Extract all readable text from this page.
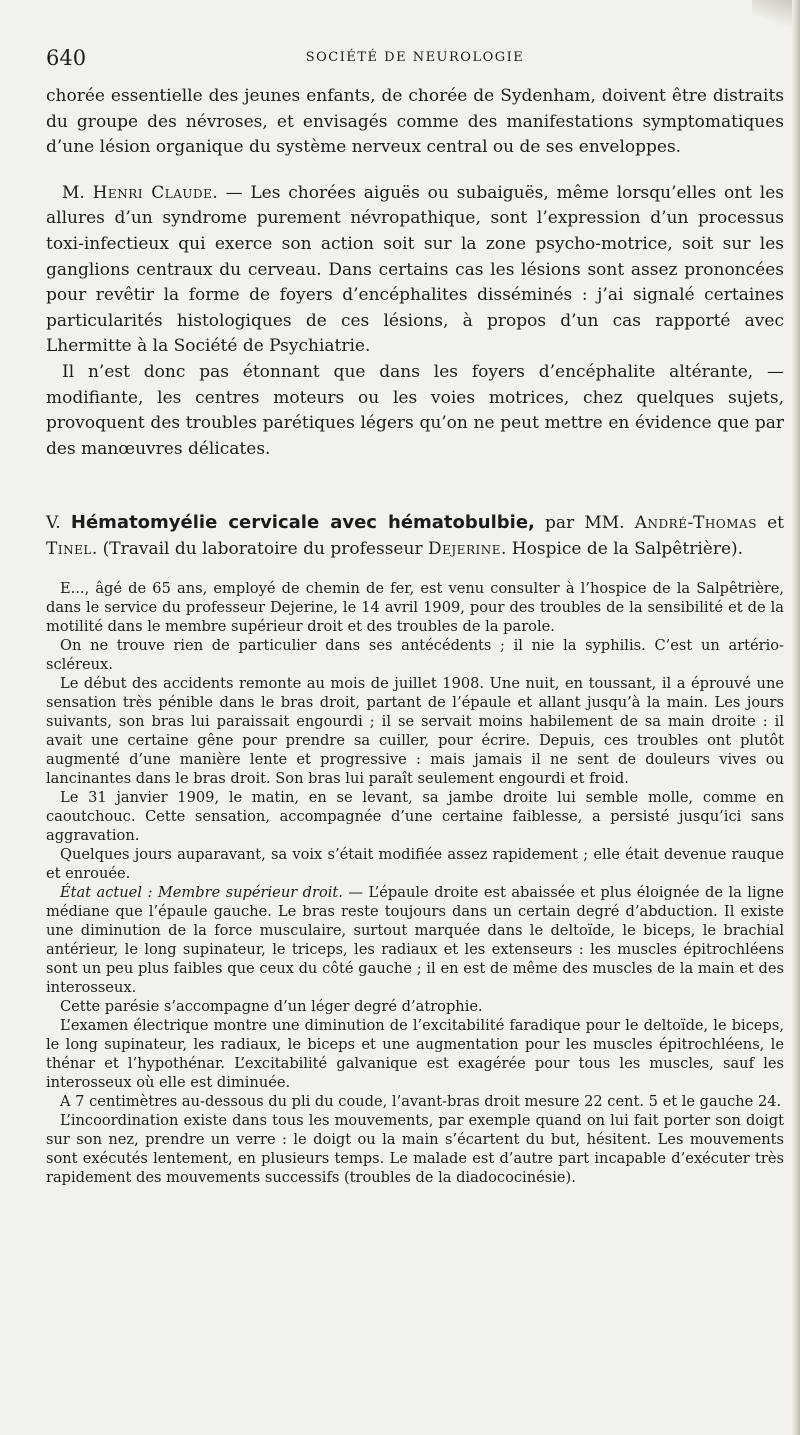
640	SOCIÉTÉ DE NEUROLOGIE

chorée essentielle des jeunes enfants, de chorée de Sydenham, doivent être distraits du groupe des névroses, et envisagés comme des manifestations symptomatiques d’une lésion organique du système nerveux central ou de ses enveloppes.

M. Henri Claude. — Les chorées aiguës ou subaiguës, même lorsqu’elles ont les allures d’un syndrome purement névropathique, sont l’expression d’un processus toxi-infectieux qui exerce son action soit sur la zone psycho-motrice, soit sur les ganglions centraux du cerveau. Dans certains cas les lésions sont assez prononcées pour revêtir la forme de foyers d’encéphalites disséminés : j’ai signalé certaines particularités histologiques de ces lésions, à propos d’un cas rapporté avec Lhermitte à la Société de Psychiatrie.

Il n’est donc pas étonnant que dans les foyers d’encéphalite altérante, — modifiante, les centres moteurs ou les voies motrices, chez quelques sujets, provoquent des troubles parétiques légers qu’on ne peut mettre en évidence que par des manœuvres délicates.

V. Hématomyélie cervicale avec hématobulbie, par MM. André-Thomas et Tinel. (Travail du laboratoire du professeur Dejerine. Hospice de la Salpêtrière).

E..., âgé de 65 ans, employé de chemin de fer, est venu consulter à l’hospice de la Salpêtrière, dans le service du professeur Dejerine, le 14 avril 1909, pour des troubles de la sensibilité et de la motilité dans le membre supérieur droit et des troubles de la parole.

On ne trouve rien de particulier dans ses antécédents ; il nie la syphilis. C’est un artério-scléreux.

Le début des accidents remonte au mois de juillet 1908. Une nuit, en toussant, il a éprouvé une sensation très pénible dans le bras droit, partant de l’épaule et allant jusqu’à la main. Les jours suivants, son bras lui paraissait engourdi ; il se servait moins habilement de sa main droite : il avait une certaine gêne pour prendre sa cuiller, pour écrire. Depuis, ces troubles ont plutôt augmenté d’une manière lente et progressive : mais jamais il ne sent de douleurs vives ou lancinantes dans le bras droit. Son bras lui paraît seulement engourdi et froid.

Le 31 janvier 1909, le matin, en se levant, sa jambe droite lui semble molle, comme en caoutchouc. Cette sensation, accompagnée d’une certaine faiblesse, a persisté jusqu’ici sans aggravation.

Quelques jours auparavant, sa voix s’était modifiée assez rapidement ; elle était devenue rauque et enrouée.

État actuel : Membre supérieur droit. — L’épaule droite est abaissée et plus éloignée de la ligne médiane que l’épaule gauche. Le bras reste toujours dans un certain degré d’abduction. Il existe une diminution de la force musculaire, surtout marquée dans le deltoïde, le biceps, le brachial antérieur, le long supinateur, le triceps, les radiaux et les extenseurs : les muscles épitrochléens sont un peu plus faibles que ceux du côté gauche ; il en est de même des muscles de la main et des interosseux.

Cette parésie s’accompagne d’un léger degré d’atrophie.

L’examen électrique montre une diminution de l’excitabilité faradique pour le deltoïde, le biceps, le long supinateur, les radiaux, le biceps et une augmentation pour les muscles épitrochléens, le thénar et l’hypothénar. L’excitabilité galvanique est exagérée pour tous les muscles, sauf les interosseux où elle est diminuée.

A 7 centimètres au-dessous du pli du coude, l’avant-bras droit mesure 22 cent. 5 et le gauche 24.

L’incoordination existe dans tous les mouvements, par exemple quand on lui fait porter son doigt sur son nez, prendre un verre : le doigt ou la main s’écartent du but, hésitent. Les mouvements sont exécutés lentement, en plusieurs temps. Le malade est d’autre part incapable d’exécuter très rapidement des mouvements successifs (troubles de la diadococinésie).
